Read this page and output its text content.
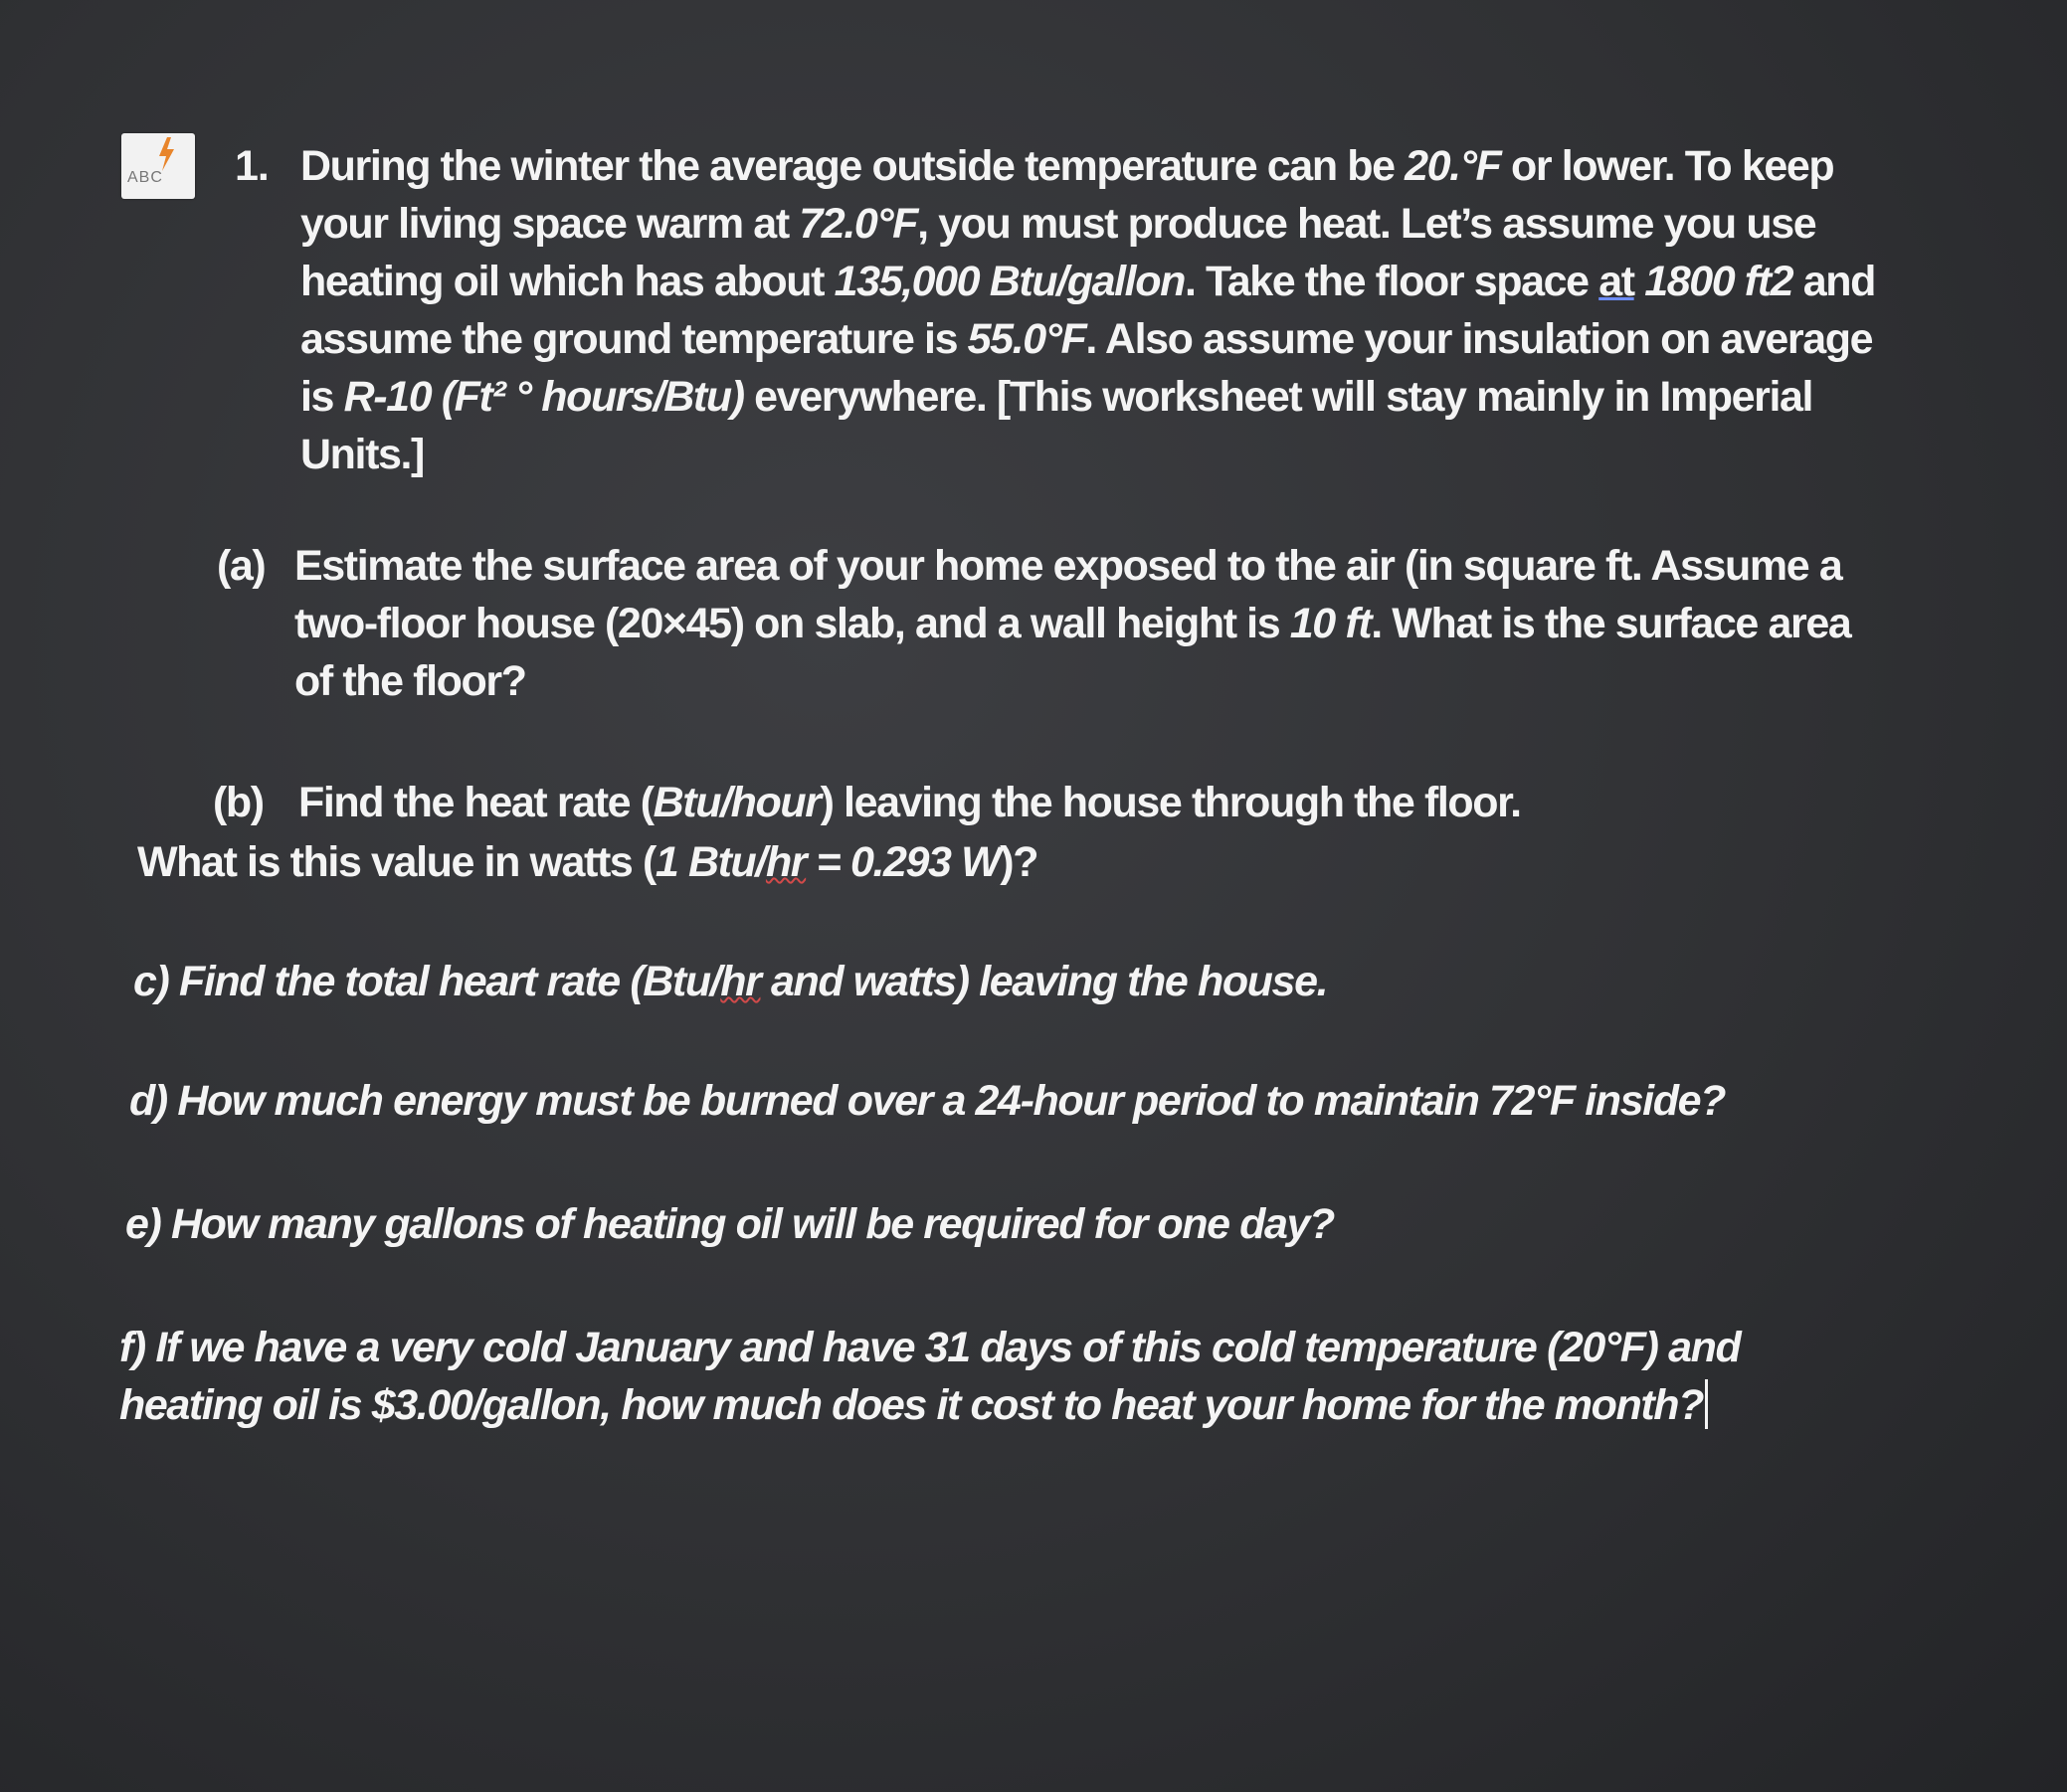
ABC 1. During the winter the average outside temperature can be 20.°F or lower. To keep
your living space warm at 72.0°F, you must produce heat. Let’s assume you use
heating oil which has about 135,000 Btu/gallon. Take the floor space at 1800 ft2 and
assume the ground temperature is 55.0°F. Also assume your insulation on average
is R-10 (Ft² ° hours/Btu) everywhere. [This worksheet will stay mainly in Imperial
Units.]
(a) Estimate the surface area of your home exposed to the air (in square ft. Assume a
two-floor house (20×45) on slab, and a wall height is 10 ft. What is the surface area
of the floor?
(b) Find the heat rate (Btu/hour) leaving the house through the floor.
What is this value in watts (1 Btu/hr = 0.293 W)?
c) Find the total heart rate (Btu/hr and watts) leaving the house.
d) How much energy must be burned over a 24-hour period to maintain 72°F inside?
e) How many gallons of heating oil will be required for one day?
f) If we have a very cold January and have 31 days of this cold temperature (20°F) and
heating oil is $3.00/gallon, how much does it cost to heat your home for the month?
